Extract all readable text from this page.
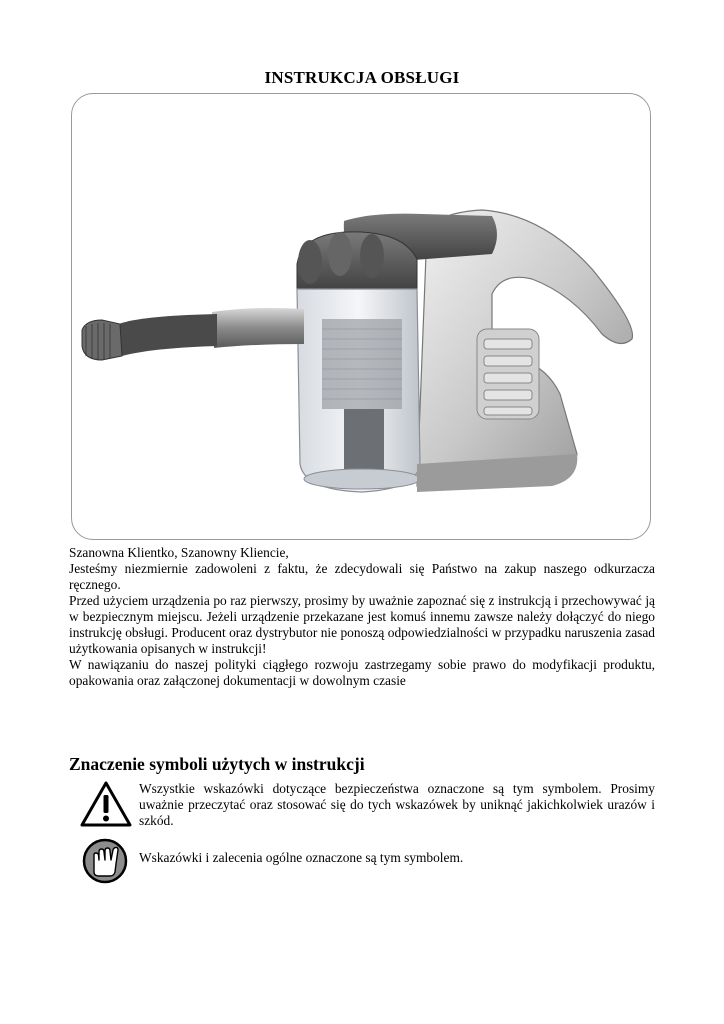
INSTRUKCJA OBSŁUGI

Szanowna Klientko, Szanowny Kliencie,

Jesteśmy niezmiernie zadowoleni z faktu, że zdecydowali się Państwo na zakup naszego odkurzacza ręcznego.

Przed użyciem urządzenia po raz pierwszy, prosimy by uważnie zapoznać się z instrukcją i przechowywać ją w bezpiecznym miejscu. Jeżeli urządzenie przekazane jest komuś innemu zawsze należy dołączyć do niego instrukcję obsługi. Producent oraz dystrybutor nie ponoszą odpowiedzialności w przypadku naruszenia zasad użytkowania opisanych w instrukcji!

W nawiązaniu do naszej polityki ciągłego rozwoju zastrzegamy sobie prawo do modyfikacji produktu, opakowania oraz załączonej dokumentacji w dowolnym czasie

Znaczenie symboli użytych w instrukcji
Wszystkie wskazówki dotyczące bezpieczeństwa oznaczone są tym symbolem. Prosimy uważnie przeczytać oraz stosować się do tych wskazówek by uniknąć jakichkolwiek urazów i szkód.
Wskazówki i zalecenia ogólne oznaczone są tym symbolem.
